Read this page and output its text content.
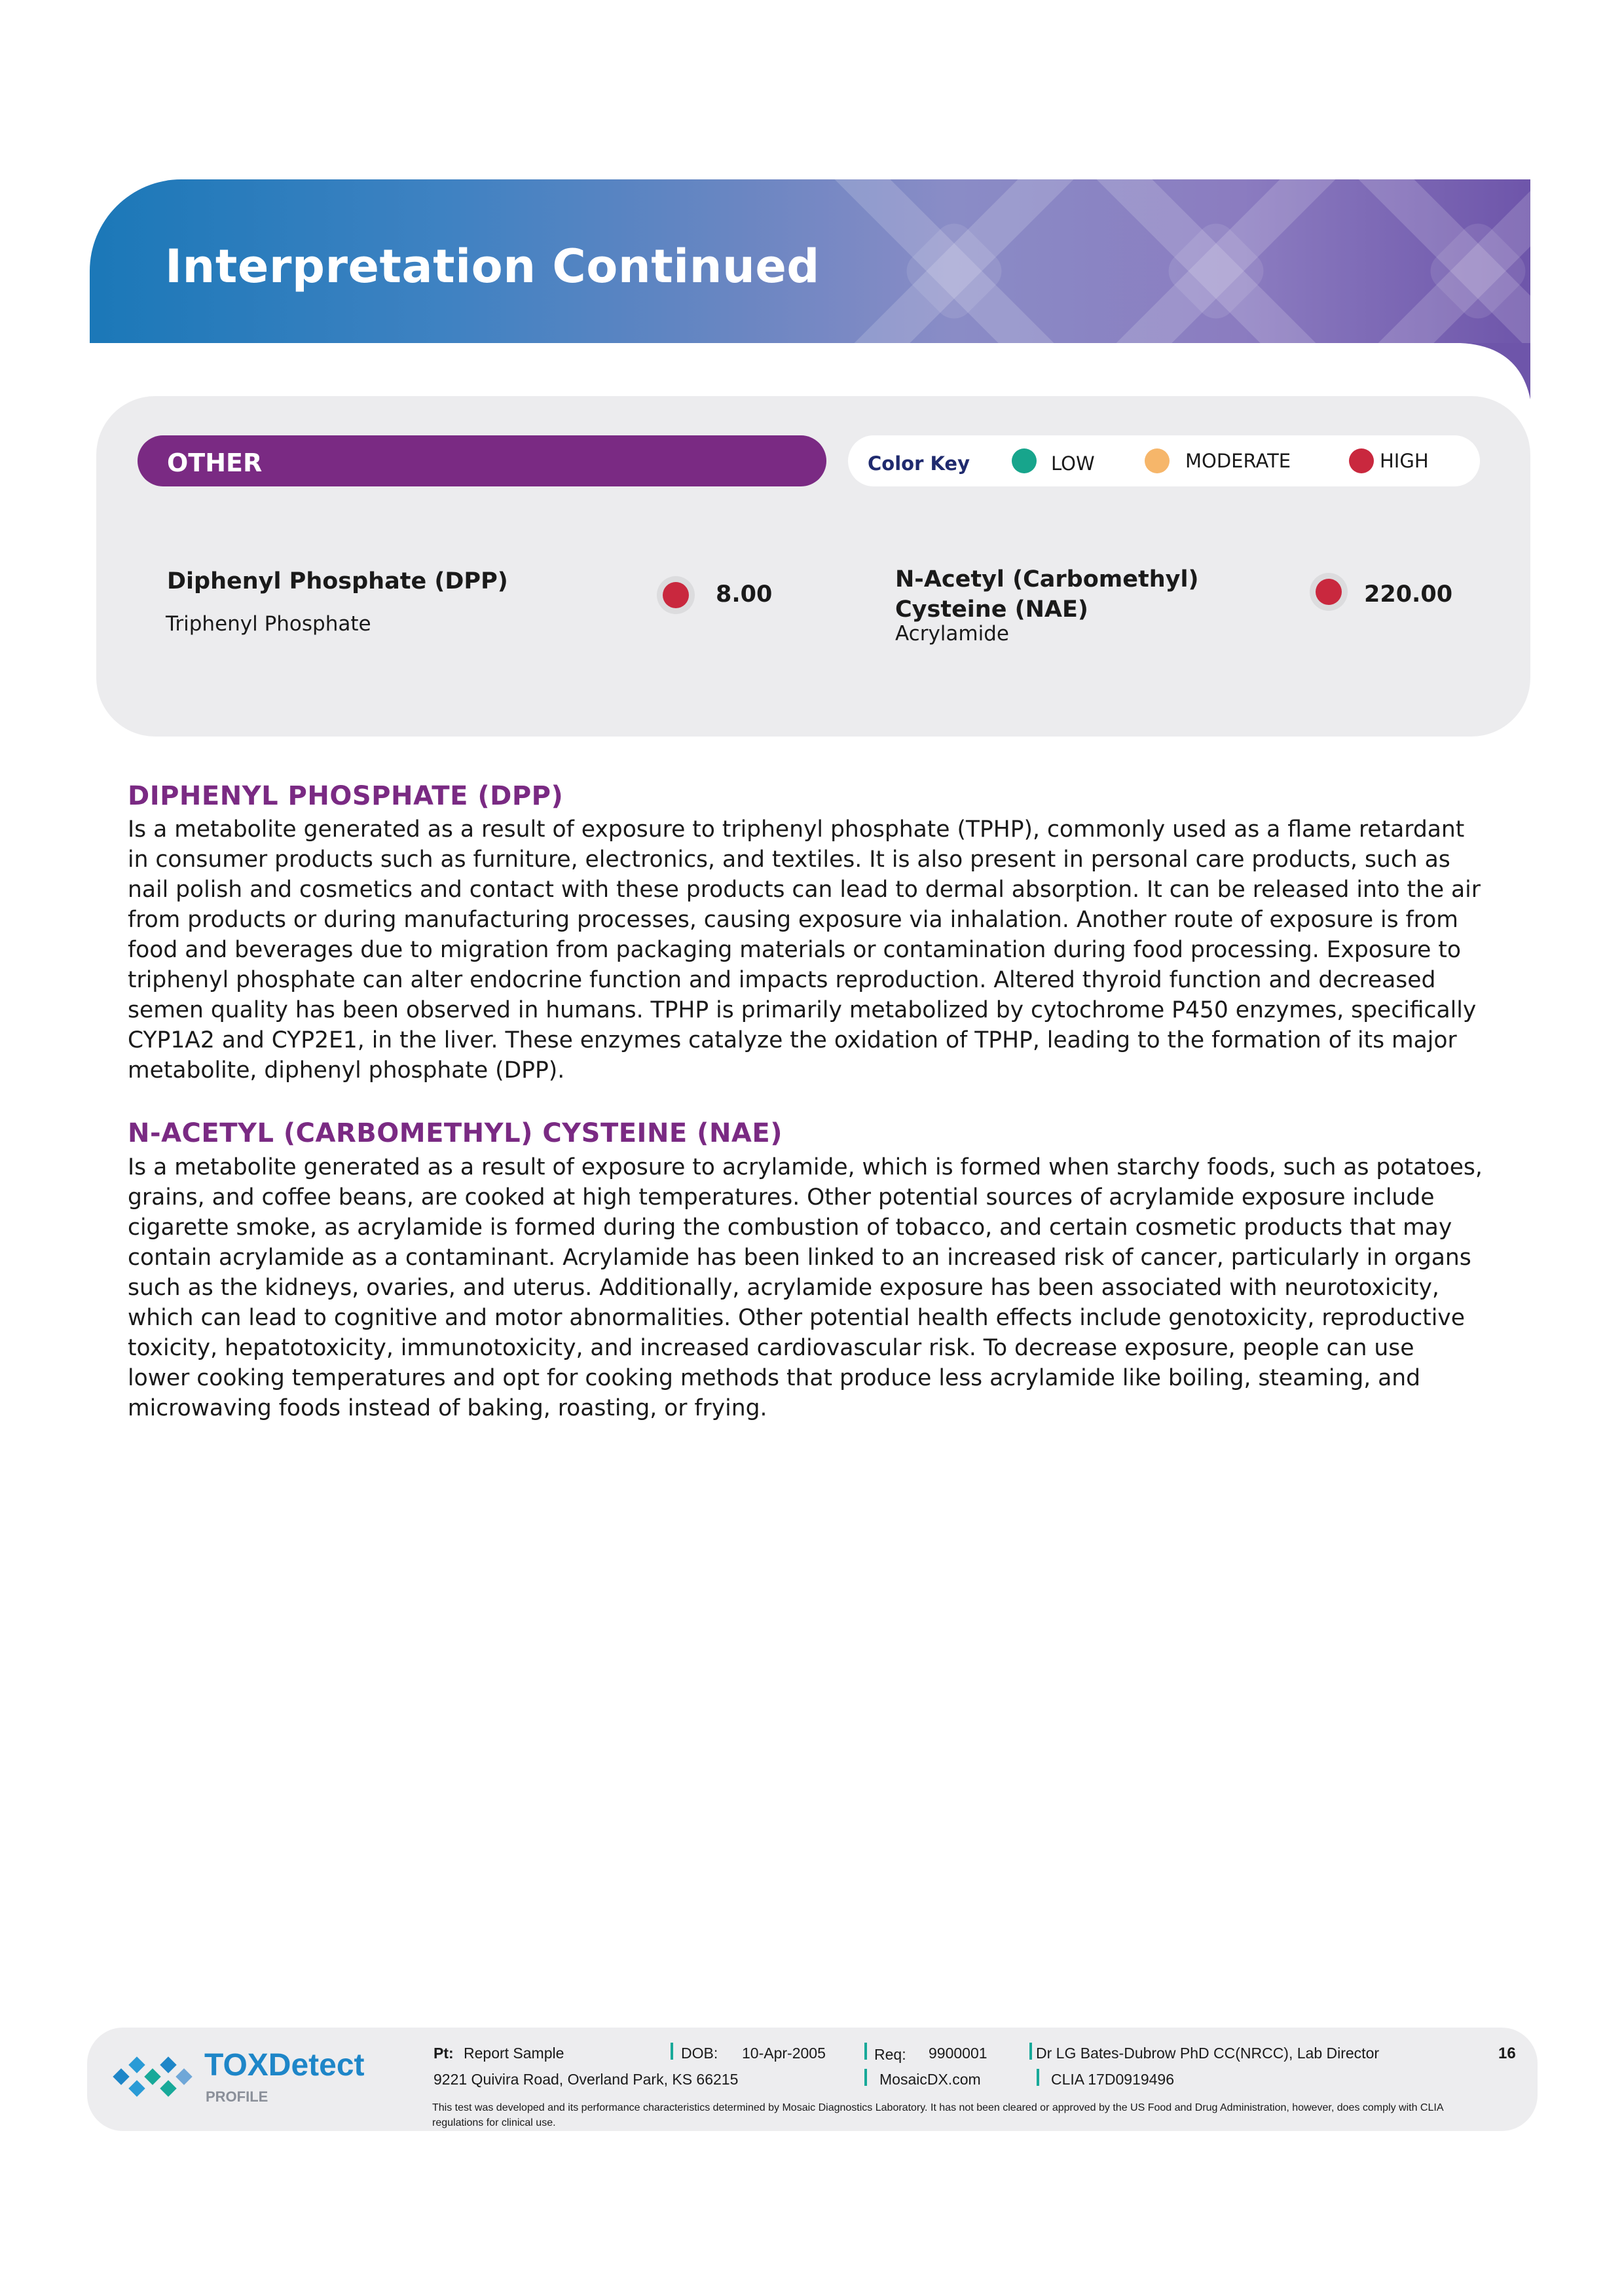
Interpretation Continued
OTHER	Color Key	LOW	MODERATE	HIGH
Diphenyl Phosphate (DPP)
Triphenyl Phosphate
8.00
N-Acetyl (Carbomethyl)
Cysteine (NAE)
Acrylamide
220.00
DIPHENYL PHOSPHATE (DPP)
Is a metabolite generated as a result of exposure to triphenyl phosphate (TPHP), commonly used as a flame retardant
in consumer products such as furniture, electronics, and textiles. It is also present in personal care products, such as
nail polish and cosmetics and contact with these products can lead to dermal absorption. It can be released into the air
from products or during manufacturing processes, causing exposure via inhalation. Another route of exposure is from
food and beverages due to migration from packaging materials or contamination during food processing. Exposure to
triphenyl phosphate can alter endocrine function and impacts reproduction. Altered thyroid function and decreased
semen quality has been observed in humans. TPHP is primarily metabolized by cytochrome P450 enzymes, specifically
CYP1A2 and CYP2E1, in the liver. These enzymes catalyze the oxidation of TPHP, leading to the formation of its major
metabolite, diphenyl phosphate (DPP).
N-ACETYL (CARBOMETHYL) CYSTEINE (NAE)
Is a metabolite generated as a result of exposure to acrylamide, which is formed when starchy foods, such as potatoes,
grains, and coffee beans, are cooked at high temperatures. Other potential sources of acrylamide exposure include
cigarette smoke, as acrylamide is formed during the combustion of tobacco, and certain cosmetic products that may
contain acrylamide as a contaminant. Acrylamide has been linked to an increased risk of cancer, particularly in organs
such as the kidneys, ovaries, and uterus. Additionally, acrylamide exposure has been associated with neurotoxicity,
which can lead to cognitive and motor abnormalities. Other potential health effects include genotoxicity, reproductive
toxicity, hepatotoxicity, immunotoxicity, and increased cardiovascular risk. To decrease exposure, people can use
lower cooking temperatures and opt for cooking methods that produce less acrylamide like boiling, steaming, and
microwaving foods instead of baking, roasting, or frying.
TOXDetect
PROFILE
Pt: Report Sample	DOB: 10-Apr-2005	Req: 9900001	Dr LG Bates-Dubrow PhD CC(NRCC), Lab Director	16
9221 Quivira Road, Overland Park, KS 66215	MosaicDX.com	CLIA 17D0919496
This test was developed and its performance characteristics determined by Mosaic Diagnostics Laboratory. It has not been cleared or approved by the US Food and Drug Administration, however, does comply with CLIA regulations for clinical use.
